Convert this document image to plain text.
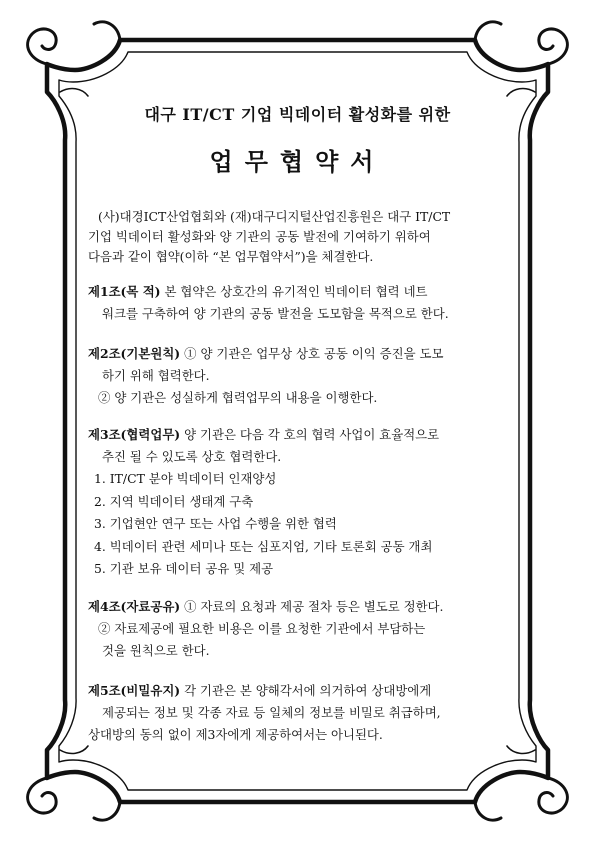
대구 IT/CT 기업 빅데이터 활성화를 위한
업무협약서
(사)대경ICT산업협회와 (재)대구디지털산업진흥원은 대구 IT/CT
기업 빅데이터 활성화와 양 기관의 공동 발전에 기여하기 위하여
다음과 같이 협약(이하 “본 업무협약서”)을 체결한다.
제1조(목 적) 본 협약은 상호간의 유기적인 빅데이터 협력 네트
워크를 구축하여 양 기관의 공동 발전을 도모함을 목적으로 한다.
제2조(기본원칙) ① 양 기관은 업무상 상호 공동 이익 증진을 도모
하기 위해 협력한다.
② 양 기관은 성실하게 협력업무의 내용을 이행한다.
제3조(협력업무) 양 기관은 다음 각 호의 협력 사업이 효율적으로
추진 될 수 있도록 상호 협력한다.
1. IT/CT 분야 빅데이터 인재양성
2. 지역 빅데이터 생태계 구축
3. 기업현안 연구 또는 사업 수행을 위한 협력
4. 빅데이터 관련 세미나 또는 심포지엄, 기타 토론회 공동 개최
5. 기관 보유 데이터 공유 및 제공
제4조(자료공유) ① 자료의 요청과 제공 절차 등은 별도로 정한다.
② 자료제공에 필요한 비용은 이를 요청한 기관에서 부담하는
것을 원칙으로 한다.
제5조(비밀유지) 각 기관은 본 양해각서에 의거하여 상대방에게
제공되는 정보 및 각종 자료 등 일체의 정보를 비밀로 취급하며,
상대방의 동의 없이 제3자에게 제공하여서는 아니된다.
